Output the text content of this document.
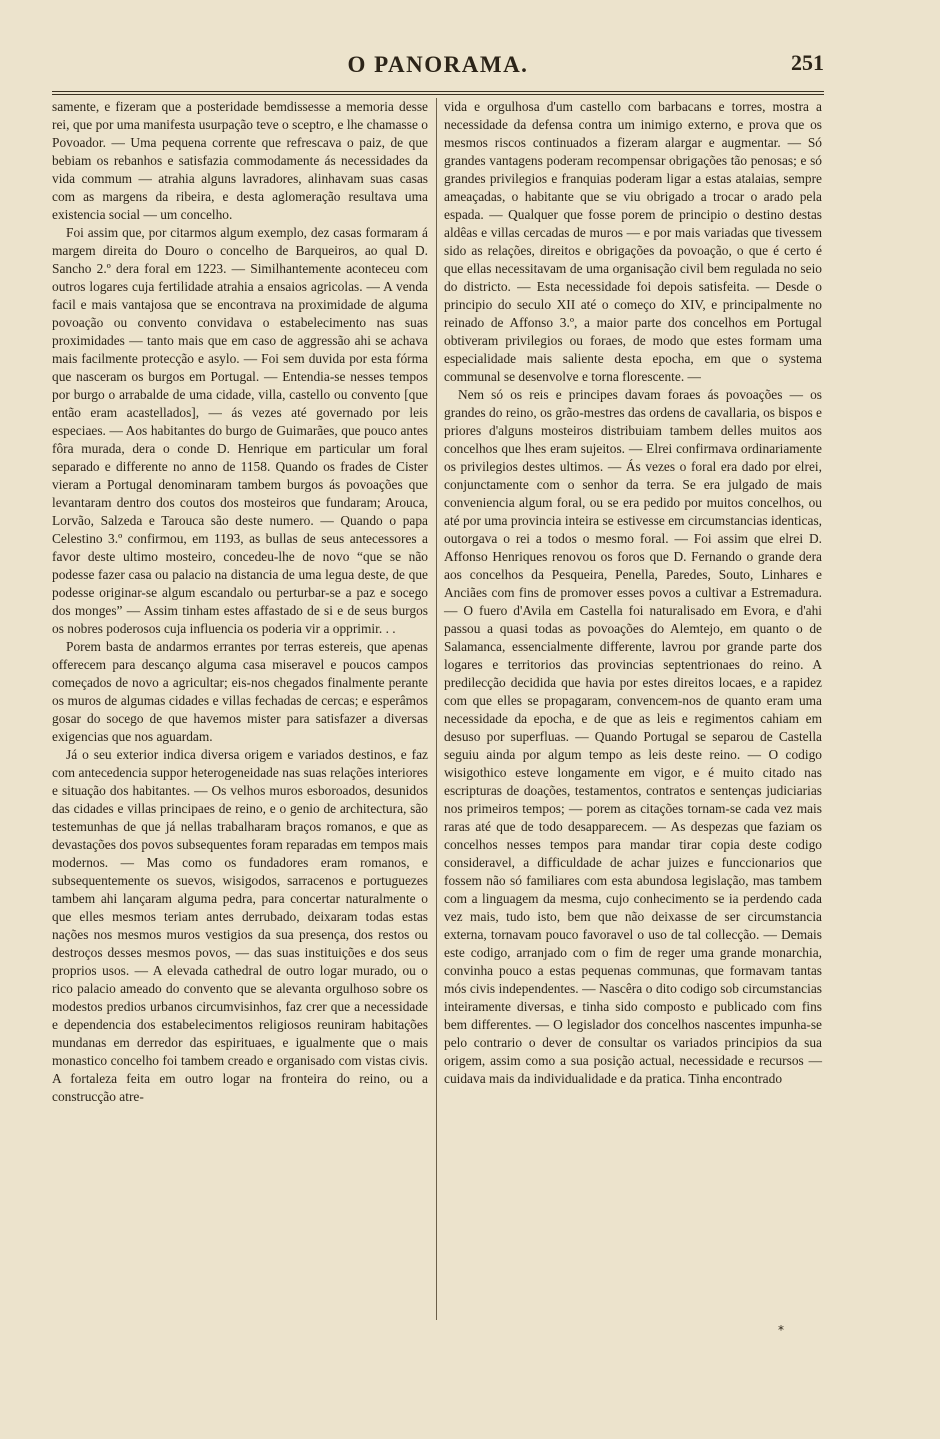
O PANORAMA.	251

samente, e fizeram que a posteridade bemdissesse a memoria desse rei, que por uma manifesta usurpação teve o sceptro, e lhe chamasse o Povoador. — Uma pequena corrente que refrescava o paiz, de que bebiam os rebanhos e satisfazia commodamente ás necessidades da vida commum — atrahia alguns lavradores, alinhavam suas casas com as margens da ribeira, e desta aglomeração resultava uma existencia social — um concelho.

Foi assim que, por citarmos algum exemplo, dez casas formaram á margem direita do Douro o concelho de Barqueiros, ao qual D. Sancho 2.º dera foral em 1223. — Similhantemente aconteceu com outros logares cuja fertilidade atrahia a ensaios agricolas. — A venda facil e mais vantajosa que se encontrava na proximidade de alguma povoação ou convento convidava o estabelecimento nas suas proximidades — tanto mais que em caso de aggressão ahi se achava mais facilmente protecção e asylo. — Foi sem duvida por esta fórma que nasceram os burgos em Portugal. — Entendia-se nesses tempos por burgo o arrabalde de uma cidade, villa, castello ou convento [que então eram acastellados], — ás vezes até governado por leis especiaes. — Aos habitantes do burgo de Guimarães, que pouco antes fôra murada, dera o conde D. Henrique em particular um foral separado e differente no anno de 1158. Quando os frades de Cister vieram a Portugal denominaram tambem burgos ás povoações que levantaram dentro dos coutos dos mosteiros que fundaram; Arouca, Lorvão, Salzeda e Tarouca são deste numero. — Quando o papa Celestino 3.º confirmou, em 1193, as bullas de seus antecessores a favor deste ultimo mosteiro, concedeu-lhe de novo “que se não podesse fazer casa ou palacio na distancia de uma legua deste, de que podesse originar-se algum escandalo ou perturbar-se a paz e socego dos monges” — Assim tinham estes affastado de si e de seus burgos os nobres poderosos cuja influencia os poderia vir a opprimir. . .

Porem basta de andarmos errantes por terras estereis, que apenas offerecem para descanço alguma casa miseravel e poucos campos começados de novo a agricultar; eis-nos chegados finalmente perante os muros de algumas cidades e villas fechadas de cercas; e esperâmos gosar do socego de que havemos mister para satisfazer a diversas exigencias que nos aguardam.

Já o seu exterior indica diversa origem e variados destinos, e faz com antecedencia suppor heterogeneidade nas suas relações interiores e situação dos habitantes. — Os velhos muros esboroados, desunidos das cidades e villas principaes de reino, e o genio de architectura, são testemunhas de que já nellas trabalharam braços romanos, e que as devastações dos povos subsequentes foram reparadas em tempos mais modernos. — Mas como os fundadores eram romanos, e subsequentemente os suevos, wisigodos, sarracenos e portuguezes tambem ahi lançaram alguma pedra, para concertar naturalmente o que elles mesmos teriam antes derrubado, deixaram todas estas nações nos mesmos muros vestigios da sua presença, dos restos ou destroços desses mesmos povos, — das suas instituições e dos seus proprios usos. — A elevada cathedral de outro logar murado, ou o rico palacio ameado do convento que se alevanta orgulhoso sobre os modestos predios urbanos circumvisinhos, faz crer que a necessidade e dependencia dos estabelecimentos religiosos reuniram habitações mundanas em derredor das espirituaes, e igualmente que o mais monastico concelho foi tambem creado e organisado com vistas civis. A fortaleza feita em outro logar na fronteira do reino, ou a construcção atre-

vida e orgulhosa d'um castello com barbacans e torres, mostra a necessidade da defensa contra um inimigo externo, e prova que os mesmos riscos continuados a fizeram alargar e augmentar. — Só grandes vantagens poderam recompensar obrigações tão penosas; e só grandes privilegios e franquias poderam ligar a estas atalaias, sempre ameaçadas, o habitante que se viu obrigado a trocar o arado pela espada. — Qualquer que fosse porem de principio o destino destas aldêas e villas cercadas de muros — e por mais variadas que tivessem sido as relações, direitos e obrigações da povoação, o que é certo é que ellas necessitavam de uma organisação civil bem regulada no seio do districto. — Esta necessidade foi depois satisfeita. — Desde o principio do seculo XII até o começo do XIV, e principalmente no reinado de Affonso 3.º, a maior parte dos concelhos em Portugal obtiveram privilegios ou foraes, de modo que estes formam uma especialidade mais saliente desta epocha, em que o systema communal se desenvolve e torna florescente. —

Nem só os reis e principes davam foraes ás povoações — os grandes do reino, os grão-mestres das ordens de cavallaria, os bispos e priores d'alguns mosteiros distribuiam tambem delles muitos aos concelhos que lhes eram sujeitos. — Elrei confirmava ordinariamente os privilegios destes ultimos. — Ás vezes o foral era dado por elrei, conjunctamente com o senhor da terra. Se era julgado de mais conveniencia algum foral, ou se era pedido por muitos concelhos, ou até por uma provincia inteira se estivesse em circumstancias identicas, outorgava o rei a todos o mesmo foral. — Foi assim que elrei D. Affonso Henriques renovou os foros que D. Fernando o grande dera aos concelhos da Pesqueira, Penella, Paredes, Souto, Linhares e Anciães com fins de promover esses povos a cultivar a Estremadura. — O fuero d'Avila em Castella foi naturalisado em Evora, e d'ahi passou a quasi todas as povoações do Alemtejo, em quanto o de Salamanca, essencialmente differente, lavrou por grande parte dos logares e territorios das provincias septentrionaes do reino. A predilecção decidida que havia por estes direitos locaes, e a rapidez com que elles se propagaram, convencem-nos de quanto eram uma necessidade da epocha, e de que as leis e regimentos cahiam em desuso por superfluas. — Quando Portugal se separou de Castella seguiu ainda por algum tempo as leis deste reino. — O codigo wisigothico esteve longamente em vigor, e é muito citado nas escripturas de doações, testamentos, contratos e sentenças judiciarias nos primeiros tempos; — porem as citações tornam-se cada vez mais raras até que de todo desapparecem. — As despezas que faziam os concelhos nesses tempos para mandar tirar copia deste codigo consideravel, a difficuldade de achar juizes e funccionarios que fossem não só familiares com esta abundosa legislação, mas tambem com a linguagem da mesma, cujo conhecimento se ia perdendo cada vez mais, tudo isto, bem que não deixasse de ser circumstancia externa, tornavam pouco favoravel o uso de tal collecção. — Demais este codigo, arranjado com o fim de reger uma grande monarchia, convinha pouco a estas pequenas communas, que formavam tantas mós civis independentes. — Nascêra o dito codigo sob circumstancias inteiramente diversas, e tinha sido composto e publicado com fins bem differentes. — O legislador dos concelhos nascentes impunha-se pelo contrario o dever de consultar os variados principios da sua origem, assim como a sua posição actual, necessidade e recursos — cuidava mais da individualidade e da pratica. Tinha encontrado

*
